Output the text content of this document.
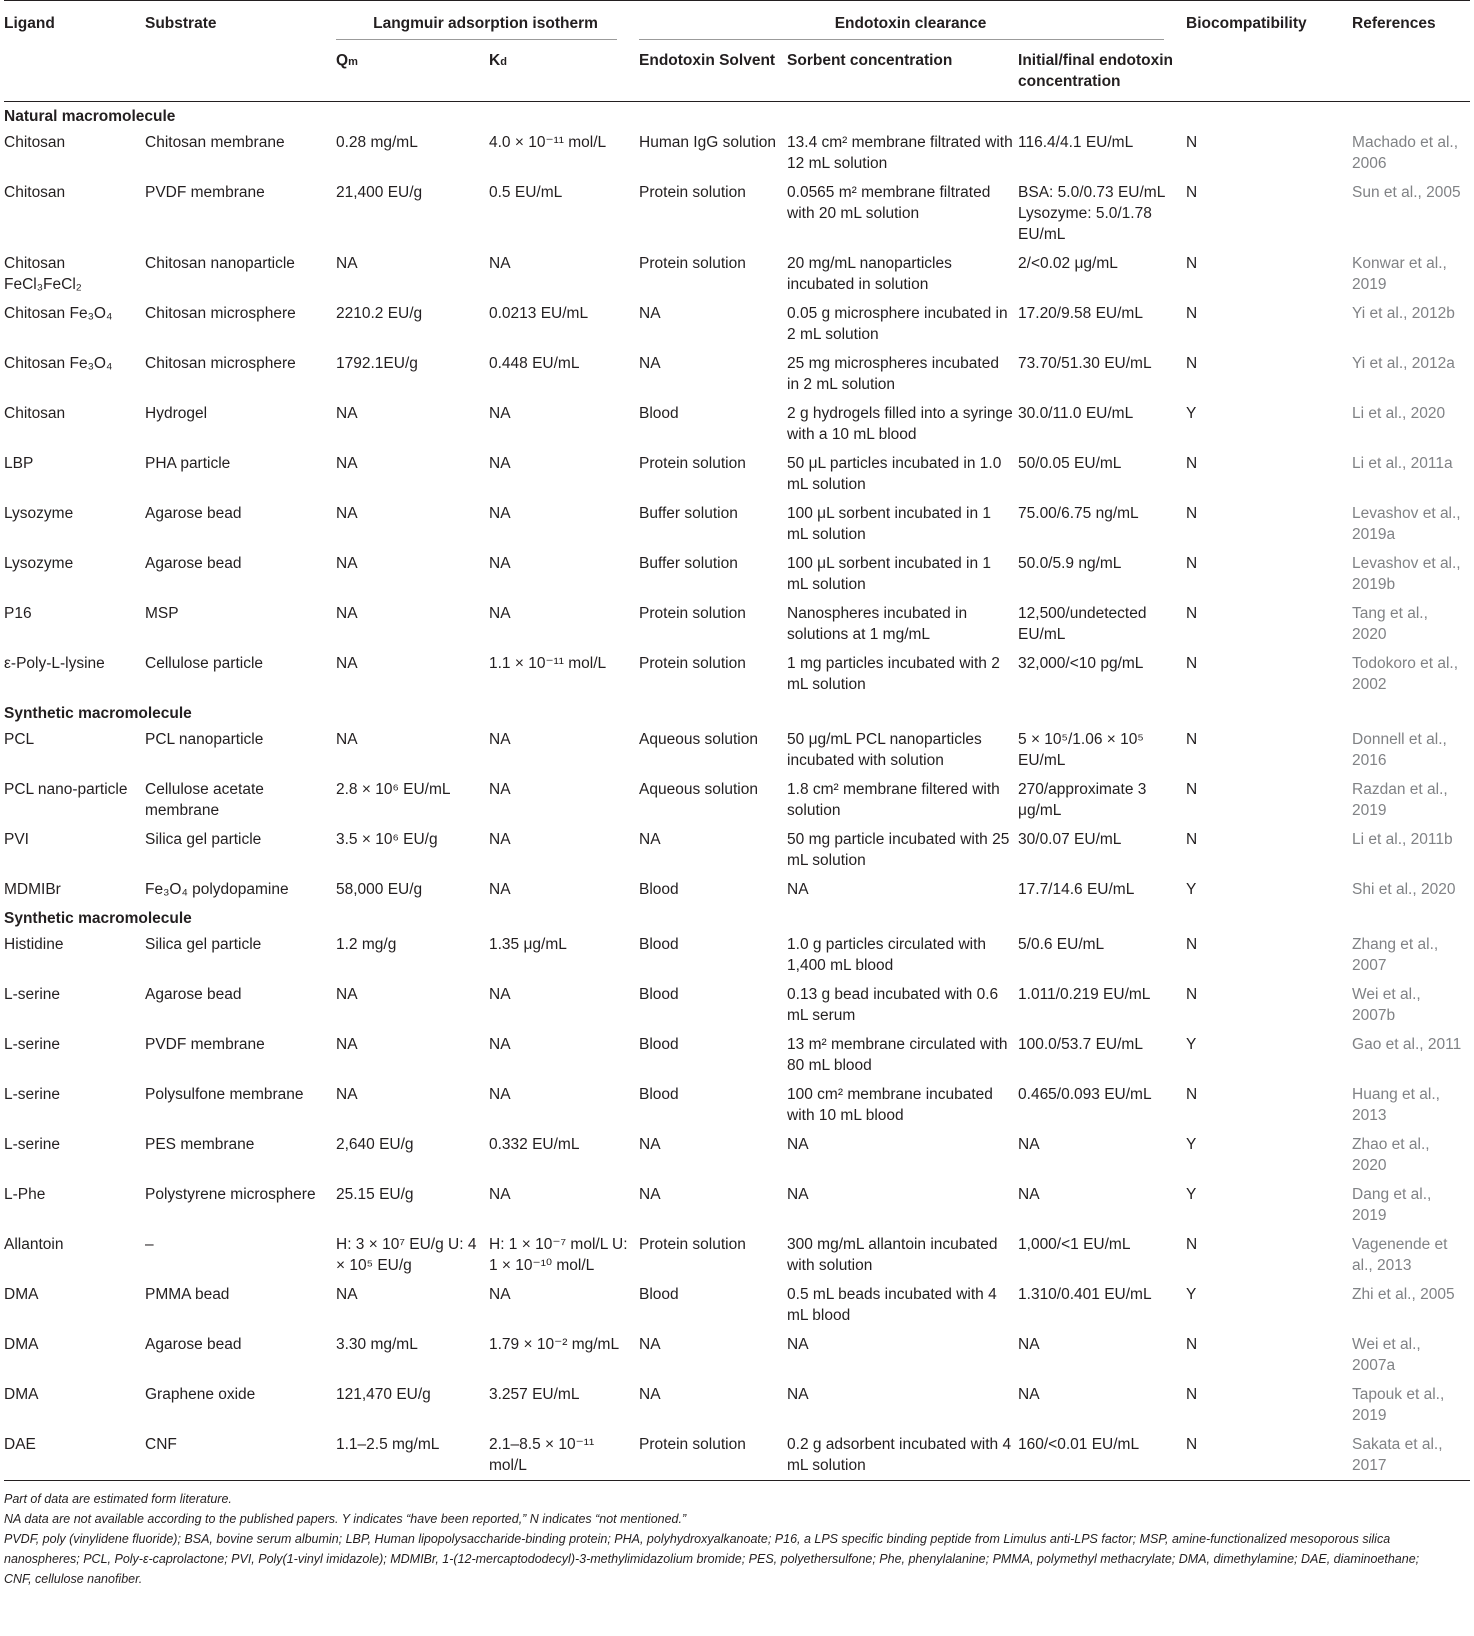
Ligand	Substrate	Langmuir adsorption isotherm		Endotoxin clearance			Biocompatibility	References
		Qm	Kd	Endotoxin Solvent	Sorbent concentration	Initial/final endotoxin concentration		
Natural macromolecule								
Chitosan	Chitosan membrane	0.28 mg/mL	4.0 × 10⁻¹¹ mol/L	Human IgG solution	13.4 cm² membrane filtrated with 12 mL solution	116.4/4.1 EU/mL	N	Machado et al., 2006
Chitosan	PVDF membrane	21,400 EU/g	0.5 EU/mL	Protein solution	0.0565 m² membrane filtrated with 20 mL solution	BSA: 5.0/0.73 EU/mL Lysozyme: 5.0/1.78 EU/mL	N	Sun et al., 2005
Chitosan FeCl₃FeCl₂	Chitosan nanoparticle	NA	NA	Protein solution	20 mg/mL nanoparticles incubated in solution	2/<0.02 μg/mL	N	Konwar et al., 2019
Chitosan Fe₃O₄	Chitosan microsphere	2210.2 EU/g	0.0213 EU/mL	NA	0.05 g microsphere incubated in 2 mL solution	17.20/9.58 EU/mL	N	Yi et al., 2012b
Chitosan Fe₃O₄	Chitosan microsphere	1792.1EU/g	0.448 EU/mL	NA	25 mg microspheres incubated in 2 mL solution	73.70/51.30 EU/mL	N	Yi et al., 2012a
Chitosan	Hydrogel	NA	NA	Blood	2 g hydrogels filled into a syringe with a 10 mL blood	30.0/11.0 EU/mL	Y	Li et al., 2020
LBP	PHA particle	NA	NA	Protein solution	50 μL particles incubated in 1.0 mL solution	50/0.05 EU/mL	N	Li et al., 2011a
Lysozyme	Agarose bead	NA	NA	Buffer solution	100 μL sorbent incubated in 1 mL solution	75.00/6.75 ng/mL	N	Levashov et al., 2019a
Lysozyme	Agarose bead	NA	NA	Buffer solution	100 μL sorbent incubated in 1 mL solution	50.0/5.9 ng/mL	N	Levashov et al., 2019b
P16	MSP	NA	NA	Protein solution	Nanospheres incubated in solutions at 1 mg/mL	12,500/undetected EU/mL	N	Tang et al., 2020
ε-Poly-L-lysine	Cellulose particle	NA	1.1 × 10⁻¹¹ mol/L	Protein solution	1 mg particles incubated with 2 mL solution	32,000/<10 pg/mL	N	Todokoro et al., 2002
Synthetic macromolecule								
PCL	PCL nanoparticle	NA	NA	Aqueous solution	50 μg/mL PCL nanoparticles incubated with solution	5 × 10⁵/1.06 × 10⁵ EU/mL	N	Donnell et al., 2016
PCL nano-particle	Cellulose acetate membrane	2.8 × 10⁶ EU/mL	NA	Aqueous solution	1.8 cm² membrane filtered with solution	270/approximate 3 μg/mL	N	Razdan et al., 2019
PVI	Silica gel particle	3.5 × 10⁶ EU/g	NA	NA	50 mg particle incubated with 25 mL solution	30/0.07 EU/mL	N	Li et al., 2011b
MDMIBr	Fe₃O₄ polydopamine	58,000 EU/g	NA	Blood	NA	17.7/14.6 EU/mL	Y	Shi et al., 2020
Synthetic macromolecule								
Histidine	Silica gel particle	1.2 mg/g	1.35 μg/mL	Blood	1.0 g particles circulated with 1,400 mL blood	5/0.6 EU/mL	N	Zhang et al., 2007
L-serine	Agarose bead	NA	NA	Blood	0.13 g bead incubated with 0.6 mL serum	1.011/0.219 EU/mL	N	Wei et al., 2007b
L-serine	PVDF membrane	NA	NA	Blood	13 m² membrane circulated with 80 mL blood	100.0/53.7 EU/mL	Y	Gao et al., 2011
L-serine	Polysulfone membrane	NA	NA	Blood	100 cm² membrane incubated with 10 mL blood	0.465/0.093 EU/mL	N	Huang et al., 2013
L-serine	PES membrane	2,640 EU/g	0.332 EU/mL	NA	NA	NA	Y	Zhao et al., 2020
L-Phe	Polystyrene microsphere	25.15 EU/g	NA	NA	NA	NA	Y	Dang et al., 2019
Allantoin	–	H: 3 × 10⁷ EU/g U: 4 × 10⁵ EU/g	H: 1 × 10⁻⁷ mol/L U: 1 × 10⁻¹⁰ mol/L	Protein solution	300 mg/mL allantoin incubated with solution	1,000/<1 EU/mL	N	Vagenende et al., 2013
DMA	PMMA bead	NA	NA	Blood	0.5 mL beads incubated with 4 mL blood	1.310/0.401 EU/mL	Y	Zhi et al., 2005
DMA	Agarose bead	3.30 mg/mL	1.79 × 10⁻² mg/mL	NA	NA	NA	N	Wei et al., 2007a
DMA	Graphene oxide	121,470 EU/g	3.257 EU/mL	NA	NA	NA	N	Tapouk et al., 2019
DAE	CNF	1.1–2.5 mg/mL	2.1–8.5 × 10⁻¹¹ mol/L	Protein solution	0.2 g adsorbent incubated with 4 mL solution	160/<0.01 EU/mL	N	Sakata et al., 2017

Part of data are estimated form literature.

NA data are not available according to the published papers. Y indicates “have been reported,” N indicates “not mentioned.”

PVDF, poly (vinylidene fluoride); BSA, bovine serum albumin; LBP, Human lipopolysaccharide-binding protein; PHA, polyhydroxyalkanoate; P16, a LPS specific binding peptide from Limulus anti-LPS factor; MSP, amine-functionalized mesoporous silica nanospheres; PCL, Poly-ε-caprolactone; PVI, Poly(1-vinyl imidazole); MDMIBr, 1-(12-mercaptododecyl)-3-methylimidazolium bromide; PES, polyethersulfone; Phe, phenylalanine; PMMA, polymethyl methacrylate; DMA, dimethylamine; DAE, diaminoethane; CNF, cellulose nanofiber.
